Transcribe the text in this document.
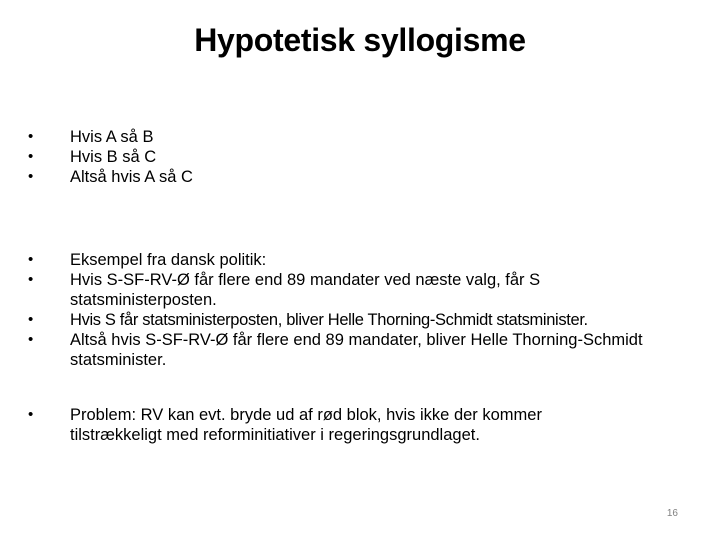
Hypotetisk syllogisme
• Hvis A så B
• Hvis B så C
• Altså hvis A så C
• Eksempel fra dansk politik:
• Hvis S-SF-RV-Ø får flere end 89 mandater ved næste valg, får S statsministerposten.
• Hvis S får statsministerposten, bliver Helle Thorning-Schmidt statsminister.
• Altså hvis S-SF-RV-Ø får flere end 89 mandater, bliver Helle Thorning-Schmidt statsminister.
• Problem: RV kan evt. bryde ud af rød blok, hvis ikke der kommer tilstrækkeligt med reforminitiativer i regeringsgrundlaget.
16
